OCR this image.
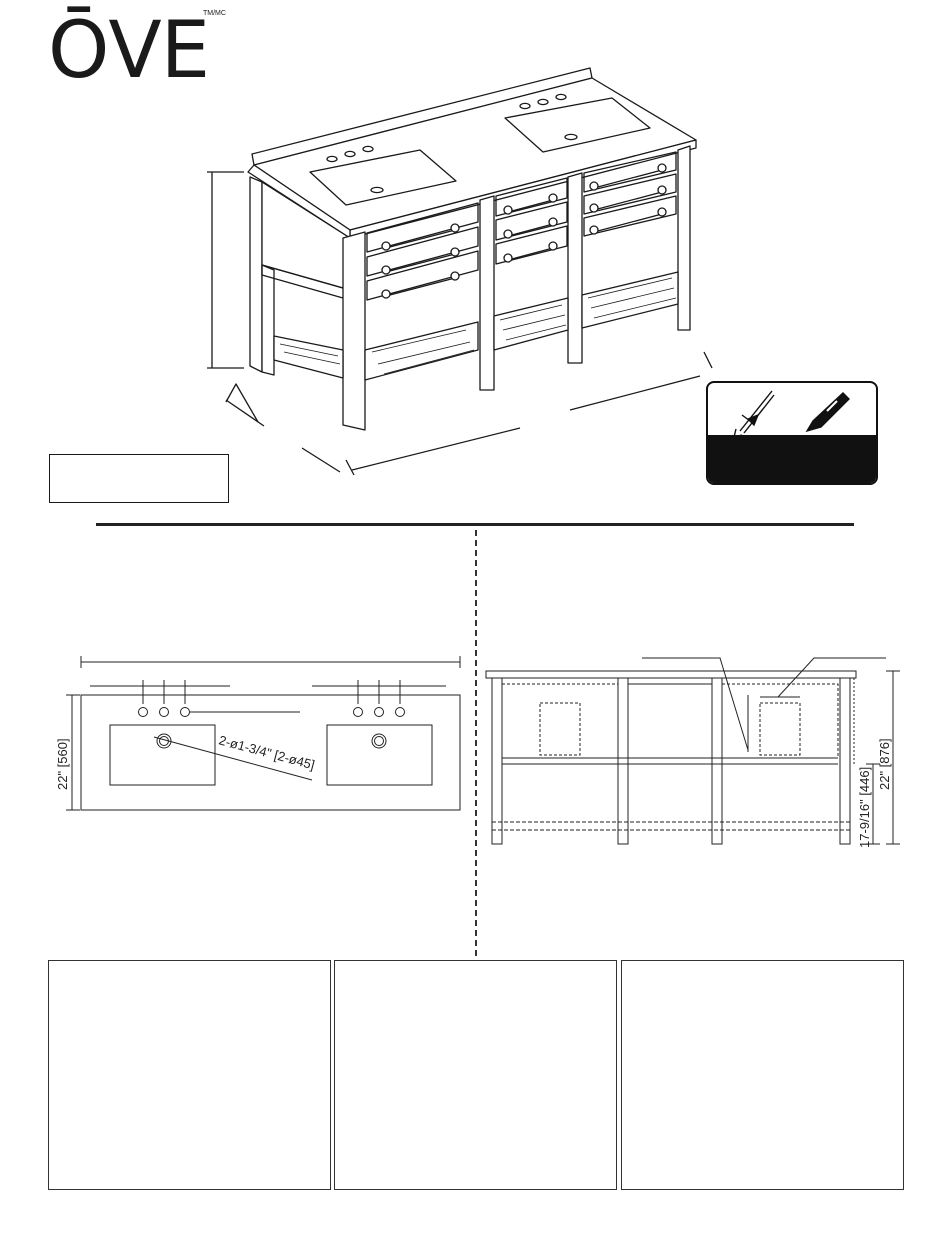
ŌVE
TM/MC
22" [560]	2-ø1-3/4" [2-ø45]	22" [876]
17-9/16" [446]
